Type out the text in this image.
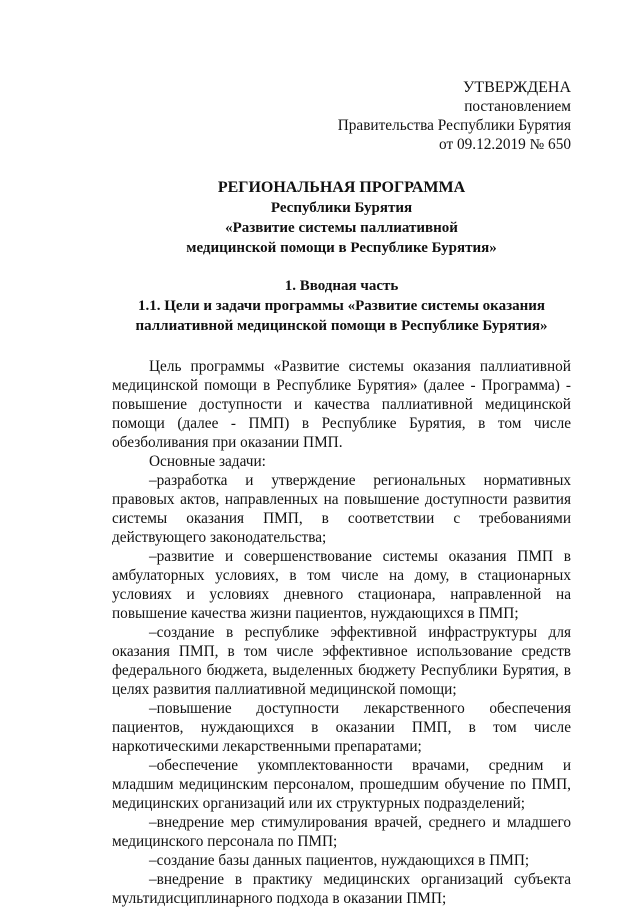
УТВЕРЖДЕНА
постановлением
Правительства Республики Бурятия
от 09.12.2019 № 650
РЕГИОНАЛЬНАЯ ПРОГРАММА
Республики Бурятия
«Развитие системы паллиативной
медицинской помощи в Республике Бурятия»
1. Вводная часть
1.1. Цели и задачи программы «Развитие системы оказания
паллиативной медицинской помощи в Республике Бурятия»

Цель программы «Развитие системы оказания паллиативной медицинской помощи в Республике Бурятия» (далее - Программа) - повышение доступности и качества паллиативной медицинской помощи (далее - ПМП) в Республике Бурятия, в том числе обезболивания при оказании ПМП.

Основные задачи:

–разработка и утверждение региональных нормативных правовых актов, направленных на повышение доступности развития системы оказания ПМП, в соответствии с требованиями действующего законодательства;

–развитие и совершенствование системы оказания ПМП в амбулаторных условиях, в том числе на дому, в стационарных условиях и условиях дневного стационара, направленной на повышение качества жизни пациентов, нуждающихся в ПМП;

–создание в республике эффективной инфраструктуры для оказания ПМП, в том числе эффективное использование средств федерального бюджета, выделенных бюджету Республики Бурятия, в целях развития паллиативной медицинской помощи;

–повышение доступности лекарственного обеспечения пациентов, нуждающихся в оказании ПМП, в том числе наркотическими лекарственными препаратами;

–обеспечение укомплектованности врачами, средним и младшим медицинским персоналом, прошедшим обучение по ПМП, медицинских организаций или их структурных подразделений;

–внедрение мер стимулирования врачей, среднего и младшего медицинского персонала по ПМП;

–создание базы данных пациентов, нуждающихся в ПМП;

–внедрение в практику медицинских организаций субъекта мультидисциплинарного подхода в оказании ПМП;
